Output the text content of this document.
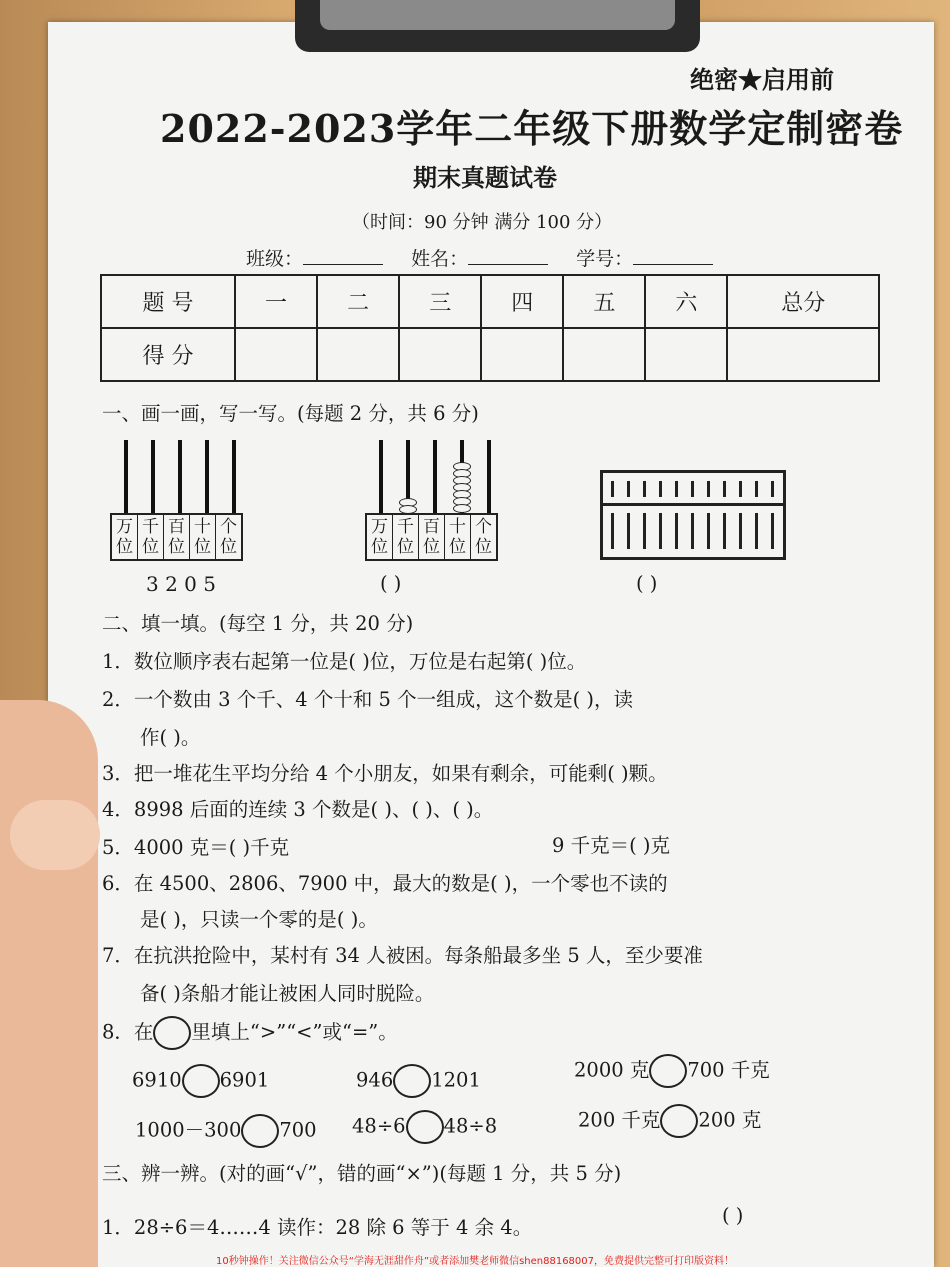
绝密★启用前
2022-2023学年二年级下册数学定制密卷
期末真题试卷
（时间：90 分钟 满分 100 分）
班级：	姓名：	学号：
题 号	一	二	三	四	五	六	总分
得 分							
一、画一画，写一写。(每题 2 分，共 6 分)
万位
千位
百位
十位
个位
3 2 0 5
万位
千位
百位
十位
个位
( )	( )
二、填一填。(每空 1 分，共 20 分)
1．数位顺序表右起第一位是( )位，万位是右起第( )位。
2．一个数由 3 个千、4 个十和 5 个一组成，这个数是( )，读
作( )。
3．把一堆花生平均分给 4 个小朋友，如果有剩余，可能剩( )颗。
4．8998 后面的连续 3 个数是( )、( )、( )。
5．4000 克＝( )千克	9 千克＝( )克
6．在 4500、2806、7900 中，最大的数是( )，一个零也不读的
是( )，只读一个零的是( )。
7．在抗洪抢险中，某村有 34 人被困。每条船最多坐 5 人，至少要准
备( )条船才能让被困人同时脱险。
8．在 里填上“>”“<”或“=”。
6910 6901	946 1201	2000 克 700 千克
1000－300 700 48÷6 48÷8	200 千克 200 克
三、辨一辨。(对的画“√”，错的画“×”)(每题 1 分，共 5 分)
1．28÷6＝4……4 读作：28 除 6 等于 4 余 4。
( )
10秒钟操作！关注微信公众号“学海无涯甜作舟”或者添加樊老师微信shen88168007，免费提供完整可打印版资料！
